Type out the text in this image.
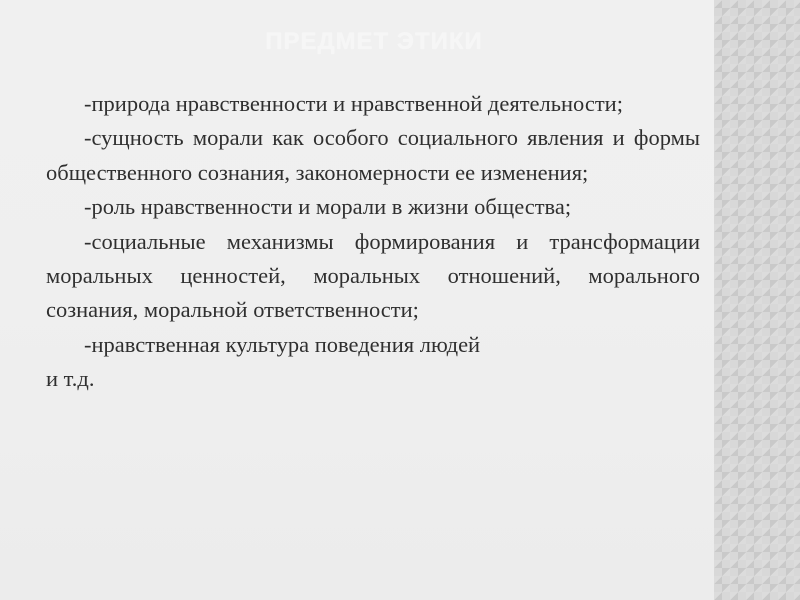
ПРЕДМЕТ ЭТИКИ

-природа нравственности и нравственной деятельности;

-сущность морали как особого социального явления и формы общественного сознания, закономерности ее изменения;

-роль нравственности и морали в жизни общества;

-социальные механизмы формирования и трансформации моральных ценностей, моральных отношений, морального сознания, моральной ответственности;

-нравственная культура поведения людей

и т.д.
